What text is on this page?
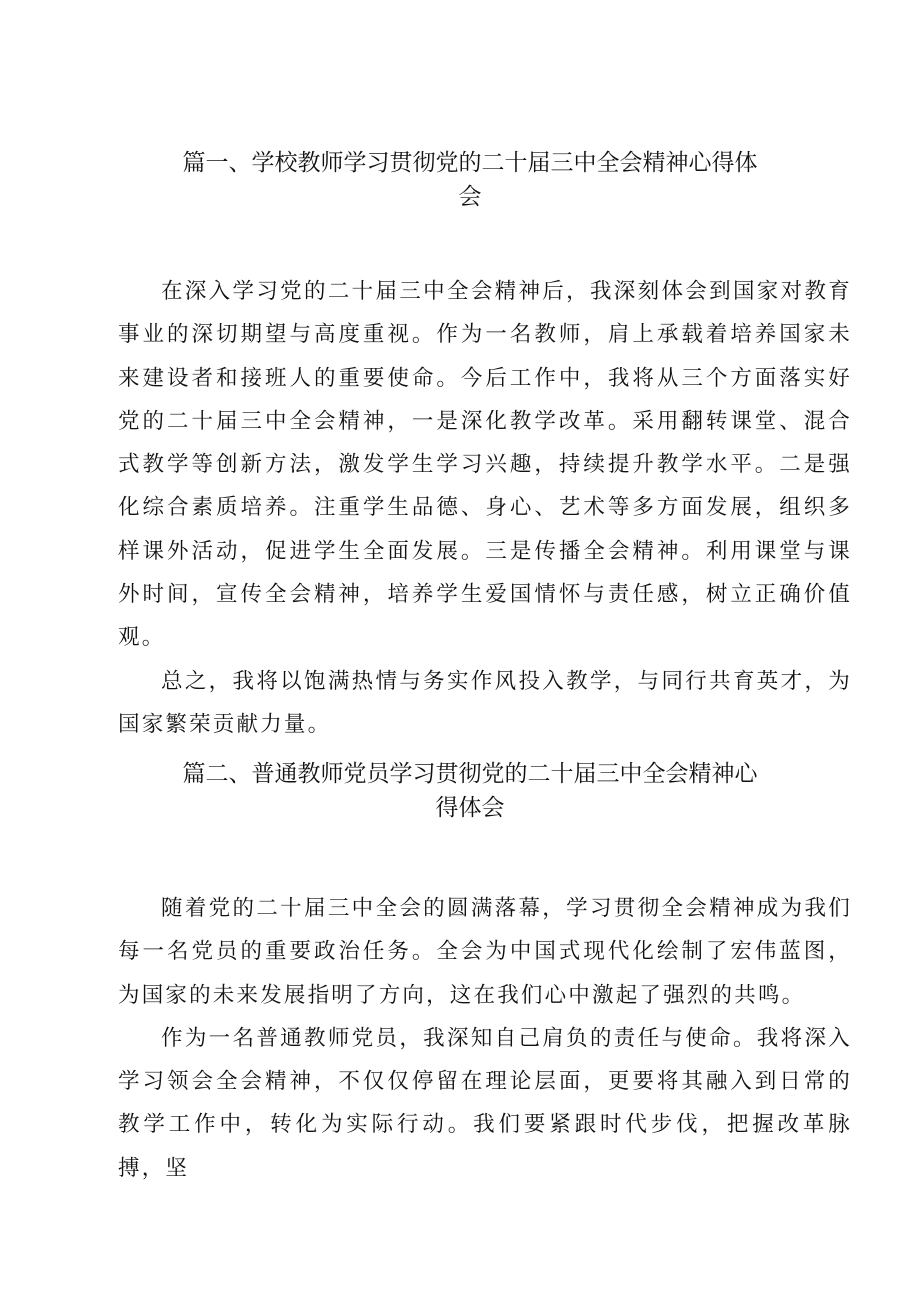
篇一、学校教师学习贯彻党的二十届三中全会精神心得体
会

在深入学习党的二十届三中全会精神后，我深刻体会到国家对教育事业的深切期望与高度重视。作为一名教师，肩上承载着培养国家未来建设者和接班人的重要使命。今后工作中，我将从三个方面落实好党的二十届三中全会精神，一是深化教学改革。采用翻转课堂、混合式教学等创新方法，激发学生学习兴趣，持续提升教学水平。二是强化综合素质培养。注重学生品德、身心、艺术等多方面发展，组织多样课外活动，促进学生全面发展。三是传播全会精神。利用课堂与课外时间，宣传全会精神，培养学生爱国情怀与责任感，树立正确价值观。

总之，我将以饱满热情与务实作风投入教学，与同行共育英才，为国家繁荣贡献力量。

篇二、普通教师党员学习贯彻党的二十届三中全会精神心
得体会

随着党的二十届三中全会的圆满落幕，学习贯彻全会精神成为我们每一名党员的重要政治任务。全会为中国式现代化绘制了宏伟蓝图，为国家的未来发展指明了方向，这在我们心中激起了强烈的共鸣。

作为一名普通教师党员，我深知自己肩负的责任与使命。我将深入学习领会全会精神，不仅仅停留在理论层面，更要将其融入到日常的教学工作中，转化为实际行动。我们要紧跟时代步伐，把握改革脉搏，坚
